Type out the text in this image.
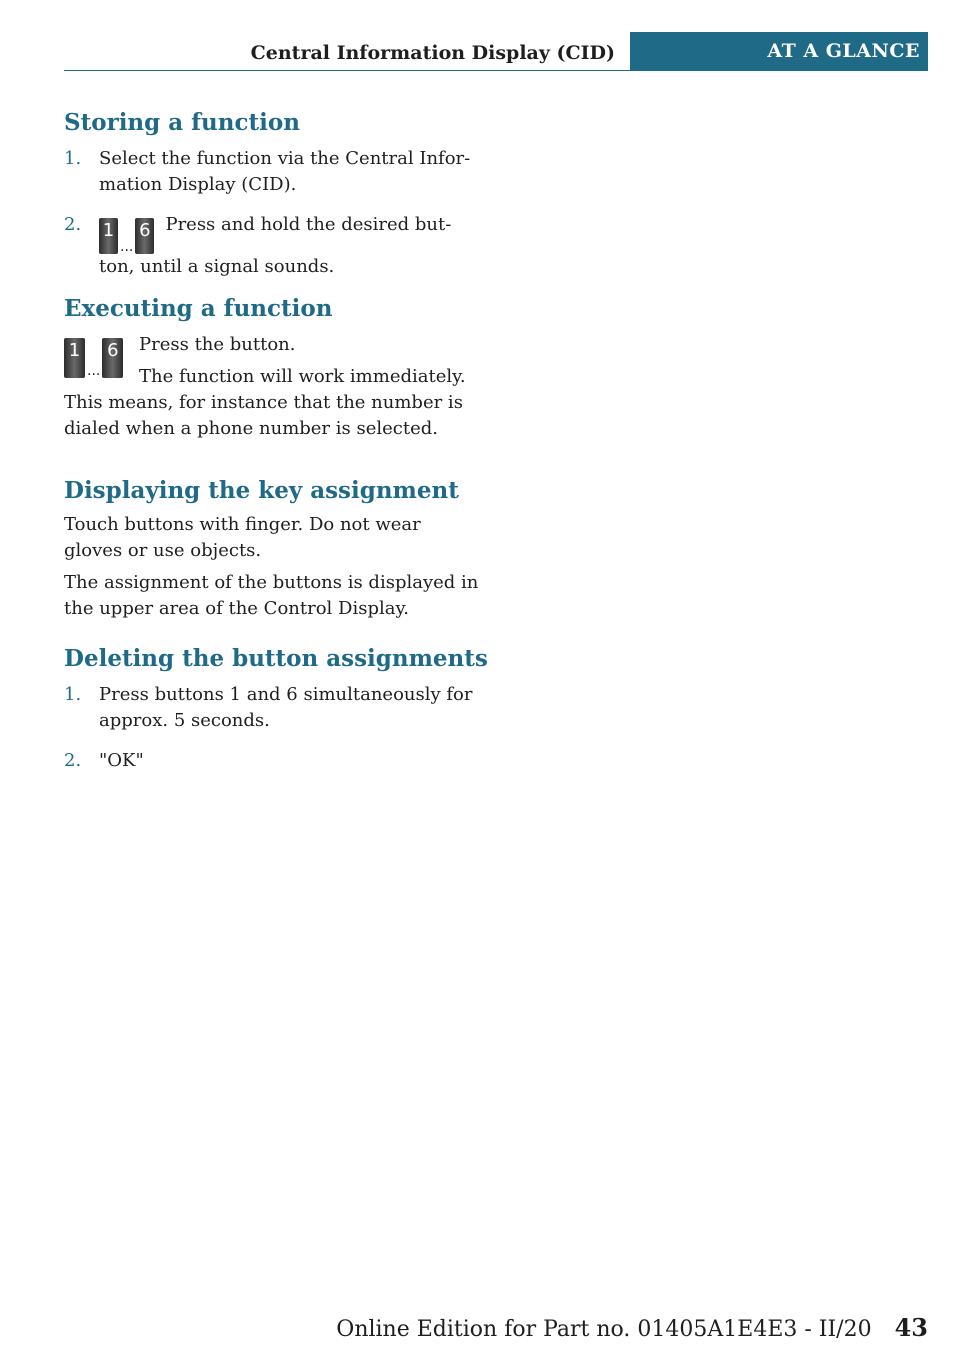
Central Information Display (CID)	AT A GLANCE
Storing a function
1. Select the function via the Central Infor-mation Display (CID).
2. 1
...
6 Press and hold the desired but-ton, until a signal sounds.
Executing a function
1
...
6 Press the button.

The function will work immediately.

This means, for instance that the number is dialed when a phone number is selected.

Displaying the key assignment

Touch buttons with finger. Do not wear gloves or use objects.

The assignment of the buttons is displayed in the upper area of the Control Display.

Deleting the button assignments
1. Press buttons 1 and 6 simultaneously for approx. 5 seconds.
2. "OK"
Online Edition for Part no. 01405A1E4E3 - II/20 43
